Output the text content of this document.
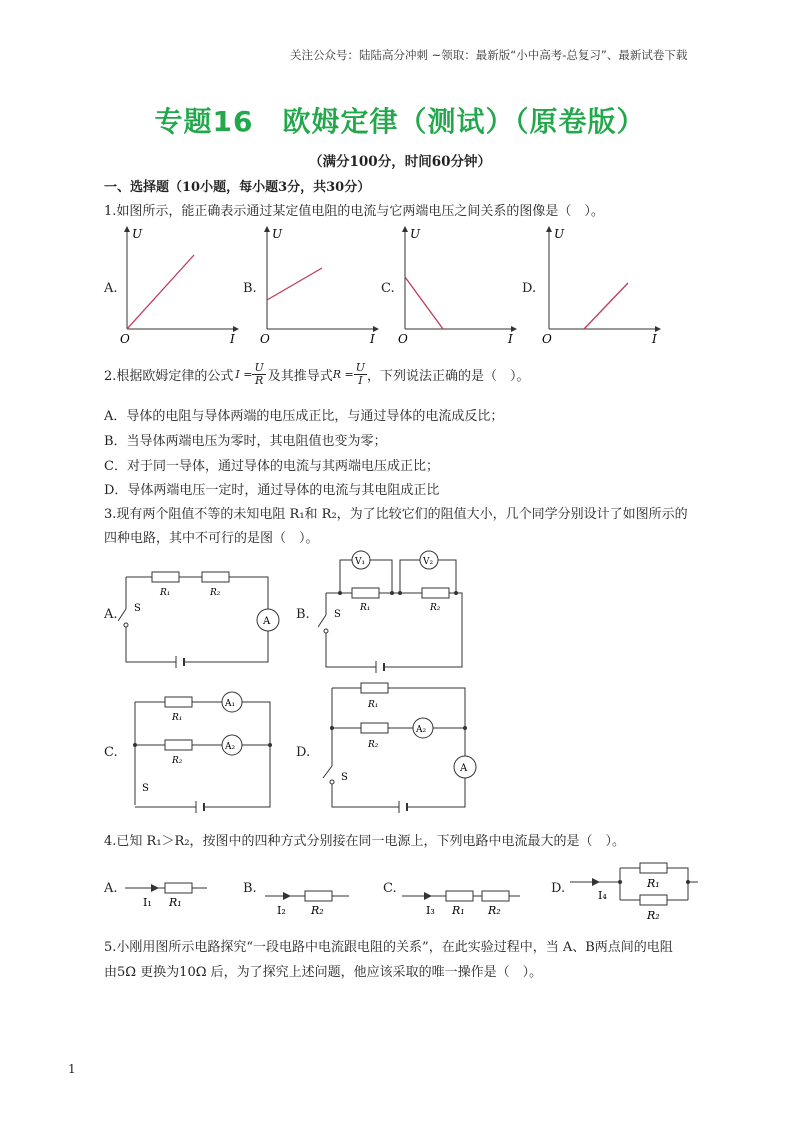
关注公众号：陆陆高分冲刺 ~领取：最新版“小中高考-总复习”、最新试卷下载
专题16　欧姆定律（测试）（原卷版）
（满分100分，时间60分钟）
一、选择题（10小题，每小题3分，共30分）
1.如图所示，能正确表示通过某定值电阻的电流与它两端电压之间关系的图像是（　）。
A.	B.	C.	D.
U
I
O
U
I
O
U
I
O
U
I
O
2.根据欧姆定律的公式 $I = \frac{U}{R}$ 及其推导式 $R = \frac{U}{I}$ ，下列说法正确的是（　）。
A．导体的电阻与导体两端的电压成正比，与通过导体的电流成反比；
B．当导体两端电压为零时，其电阻值也变为零；
C．对于同一导体，通过导体的电流与其两端电压成正比；
D．导体两端电压一定时，通过导体的电流与其电阻成正比
3.现有两个阻值不等的未知电阻 R₁和 R₂，为了比较它们的阻值大小，几个同学分别设计了如图所示的
四种电路，其中不可行的是图（　）。
A.	B.
C.	D.
A
R₁	R₂
S
V₁	V₂
R₁	R₂
S
A₁
A₂
R₁
R₂
S
A₂
A
R₁
R₂
S
4.已知 R₁＞R₂，按图中的四种方式分别接在同一电源上，下列电路中电流最大的是（　）。
A.	B.	C.	D.
I₁ R₁
I₂ R₂	I₃ R₁ R₂
I₄
R₁
R₂
5.小刚用图所示电路探究“一段电路中电流跟电阻的关系”，在此实验过程中，当 A、B两点间的电阻
由5Ω 更换为10Ω 后，为了探究上述问题，他应该采取的唯一操作是（　）。
1
